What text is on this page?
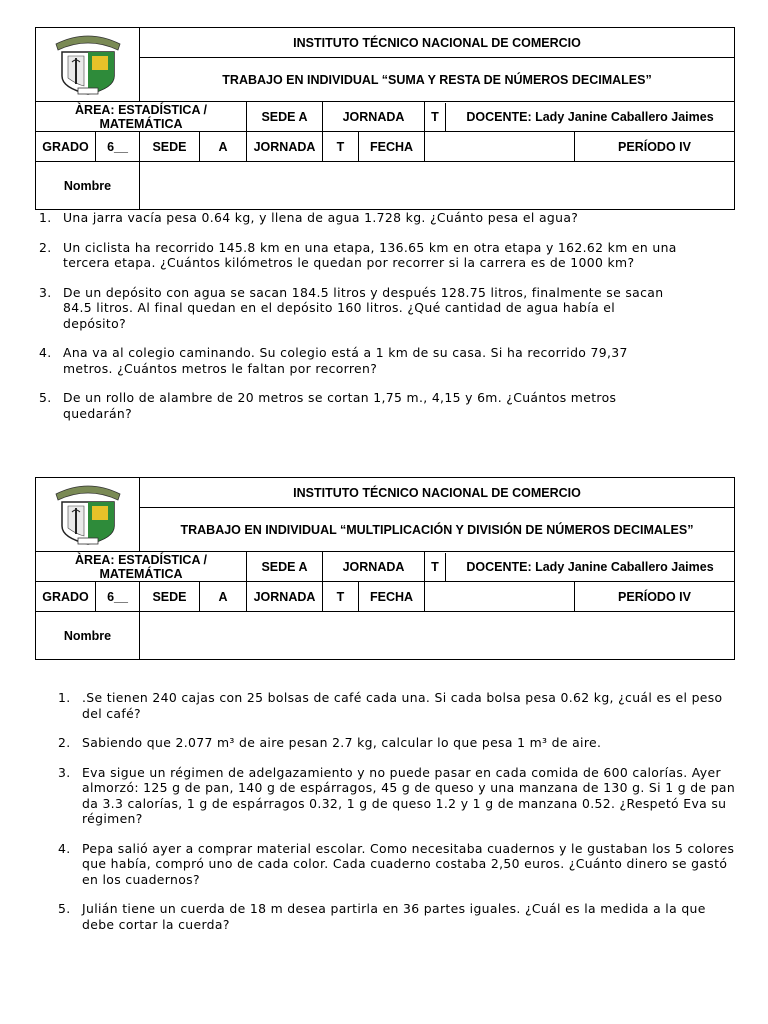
	INSTITUTO TÉCNICO NACIONAL DE COMERCIO
TRABAJO EN INDIVIDUAL “SUMA Y RESTA DE NÚMEROS DECIMALES”
ÀREA: ESTADÍSTICA / MATEMÁTICA	SEDE A	JORNADA	T	DOCENTE: Lady Janine Caballero Jaimes

GRADO	6__	SEDE	A	JORNADA	T	FECHA		PERÍODO IV
Nombre	
1. Una jarra vacía pesa 0.64 kg, y llena de agua 1.728 kg. ¿Cuánto pesa el agua?
2. Un ciclista ha recorrido 145.8 km en una etapa, 136.65 km en otra etapa y 162.62 km en una tercera etapa. ¿Cuántos kilómetros le quedan por recorrer si la carrera es de 1000 km?
3. De un depósito con agua se sacan 184.5 litros y después 128.75 litros, finalmente se sacan 84.5 litros. Al final quedan en el depósito 160 litros. ¿Qué cantidad de agua había el depósito?
4. Ana va al colegio caminando. Su colegio está a 1 km de su casa. Si ha recorrido 79,37 metros. ¿Cuántos metros le faltan por recorren?
5. De un rollo de alambre de 20 metros se cortan 1,75 m., 4,15 y 6m. ¿Cuántos metros quedarán?
	INSTITUTO TÉCNICO NACIONAL DE COMERCIO
TRABAJO EN INDIVIDUAL “MULTIPLICACIÓN Y DIVISIÓN DE NÚMEROS DECIMALES”
ÀREA: ESTADÍSTICA / MATEMÁTICA	SEDE A	JORNADA	T	DOCENTE: Lady Janine Caballero Jaimes

GRADO	6__	SEDE	A	JORNADA	T	FECHA		PERÍODO IV
Nombre	
1. .Se tienen 240 cajas con 25 bolsas de café cada una. Si cada bolsa pesa 0.62 kg, ¿cuál es el peso del café?
2. Sabiendo que 2.077 m³ de aire pesan 2.7 kg, calcular lo que pesa 1 m³ de aire.
3. Eva sigue un régimen de adelgazamiento y no puede pasar en cada comida de 600 calorías. Ayer almorzó: 125 g de pan, 140 g de espárragos, 45 g de queso y una manzana de 130 g. Si 1 g de pan da 3.3 calorías, 1 g de espárragos 0.32, 1 g de queso 1.2 y 1 g de manzana 0.52. ¿Respetó Eva su régimen?
4. Pepa salió ayer a comprar material escolar. Como necesitaba cuadernos y le gustaban los 5 colores que había, compró uno de cada color. Cada cuaderno costaba 2,50 euros. ¿Cuánto dinero se gastó en los cuadernos?
5. Julián tiene un cuerda de 18 m desea partirla en 36 partes iguales. ¿Cuál es la medida a la que debe cortar la cuerda?
